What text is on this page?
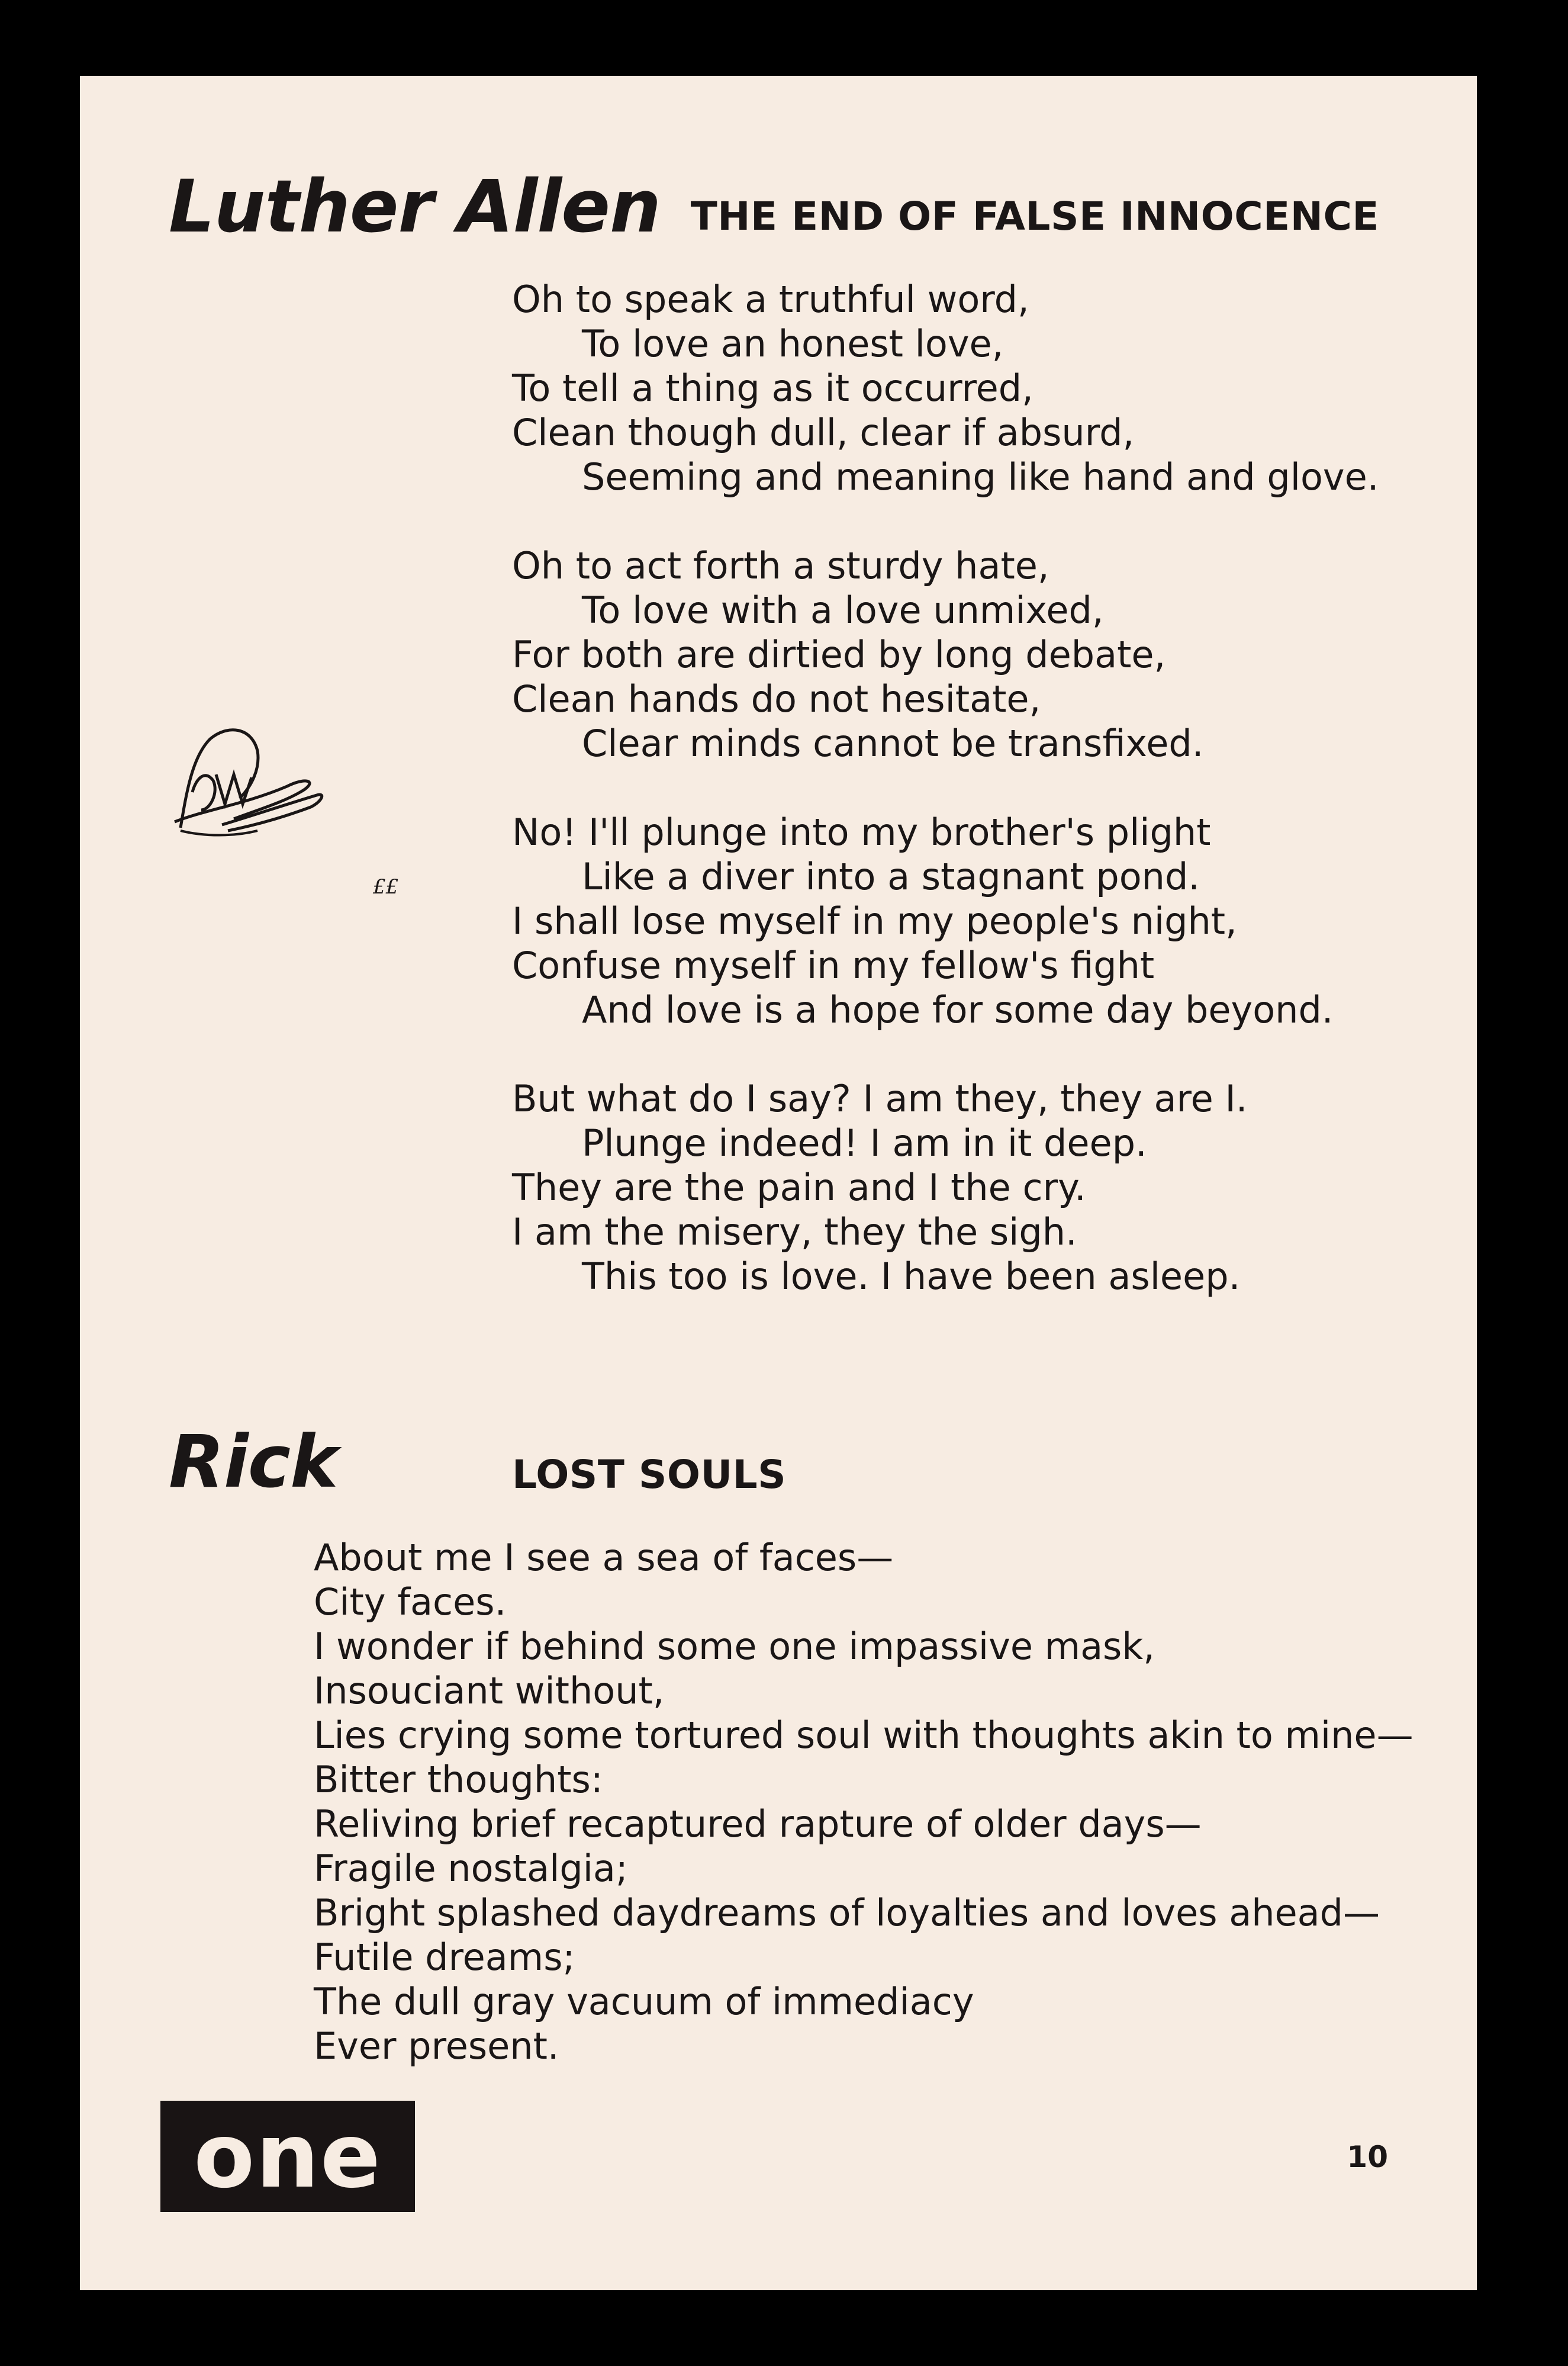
Luther Allen THE END OF FALSE INNOCENCE
Oh to speak a truthful word,
To love an honest love,
To tell a thing as it occurred,
Clean though dull, clear if absurd,
Seeming and meaning like hand and glove.
Oh to act forth a sturdy hate,
To love with a love unmixed,
For both are dirtied by long debate,
Clean hands do not hesitate,
Clear minds cannot be transfixed.
No! I'll plunge into my brother's plight
Like a diver into a stagnant pond.
I shall lose myself in my people's night,
Confuse myself in my fellow's fight
And love is a hope for some day beyond.
But what do I say? I am they, they are I.
Plunge indeed! I am in it deep.
They are the pain and I the cry.
I am the misery, they the sigh.
This too is love. I have been asleep.
££
Rick	LOST SOULS
About me I see a sea of faces—
City faces.
I wonder if behind some one impassive mask,
Insouciant without,
Lies crying some tortured soul with thoughts akin to mine—
Bitter thoughts:
Reliving brief recaptured rapture of older days—
Fragile nostalgia;
Bright splashed daydreams of loyalties and loves ahead—
Futile dreams;
The dull gray vacuum of immediacy
Ever present.
one	10
